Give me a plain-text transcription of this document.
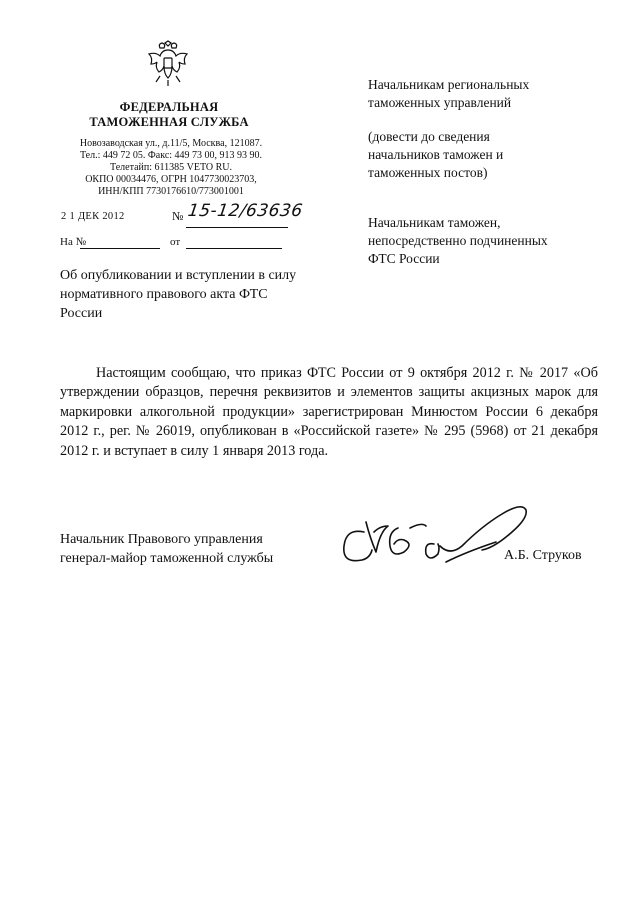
ФЕДЕРАЛЬНАЯ
ТАМОЖЕННАЯ СЛУЖБА
Новозаводская ул., д.11/5, Москва, 121087.
Тел.: 449 72 05. Факс: 449 73 00, 913 93 90.
Телетайп: 611385 VETO RU.
ОКПО 00034476, ОГРН 1047730023703,
ИНН/КПП 7730176610/773001001
2 1 ДЕК 2012	№ 15-12/63636
На №	от
Об опубликовании и вступлении в силу нормативного правового акта ФТС России
Начальникам региональных
таможенных управлений
(довести до сведения
начальников таможен и
таможенных постов)
Начальникам таможен,
непосредственно подчиненных
ФТС России
Настоящим сообщаю, что приказ ФТС России от 9 октября 2012 г. № 2017 «Об утверждении образцов, перечня реквизитов и элементов защиты акцизных марок для маркировки алкогольной продукции» зарегистрирован Минюстом России 6 декабря 2012 г., рег. № 26019, опубликован в «Российской газете» № 295 (5968) от 21 декабря 2012 г. и вступает в силу 1 января 2013 года.
Начальник Правового управления
генерал-майор таможенной службы	А.Б. Струков
